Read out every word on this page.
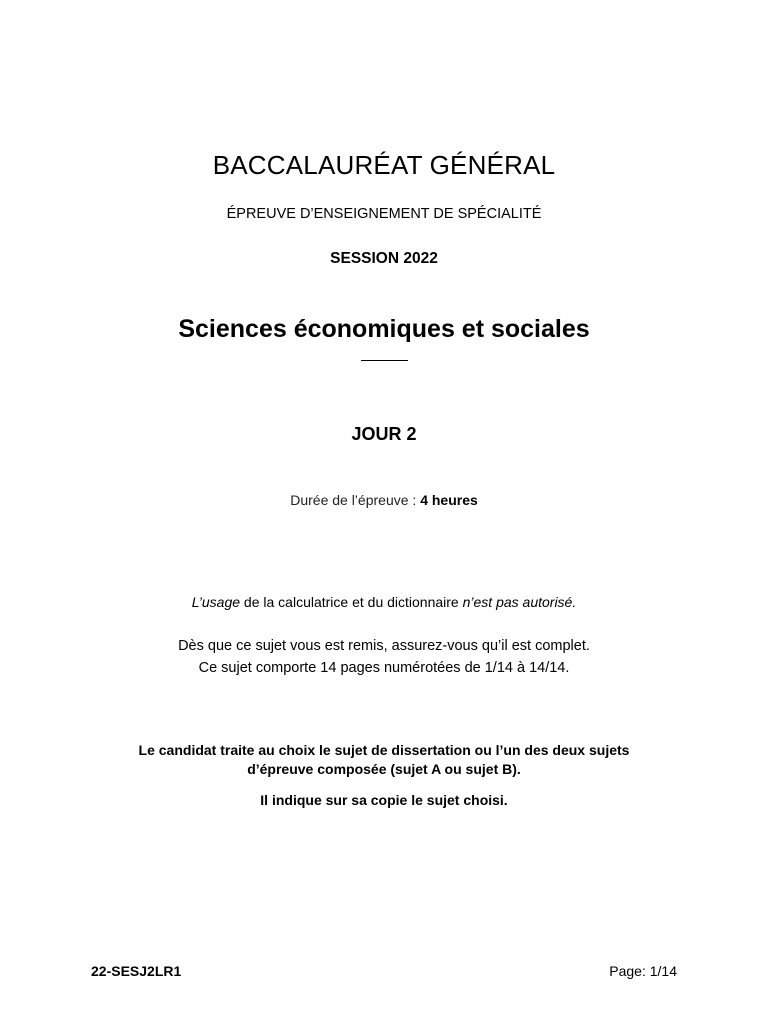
BACCALAURÉAT GÉNÉRAL
ÉPREUVE D’ENSEIGNEMENT DE SPÉCIALITÉ
SESSION 2022
Sciences économiques et sociales
JOUR 2
Durée de l’épreuve : 4 heures
L’usage de la calculatrice et du dictionnaire n’est pas autorisé.
Dès que ce sujet vous est remis, assurez-vous qu’il est complet.
Ce sujet comporte 14 pages numérotées de 1/14 à 14/14.
Le candidat traite au choix le sujet de dissertation ou l’un des deux sujets
d’épreuve composée (sujet A ou sujet B).
Il indique sur sa copie le sujet choisi.
22-SESJ2LR1	Page: 1/14
